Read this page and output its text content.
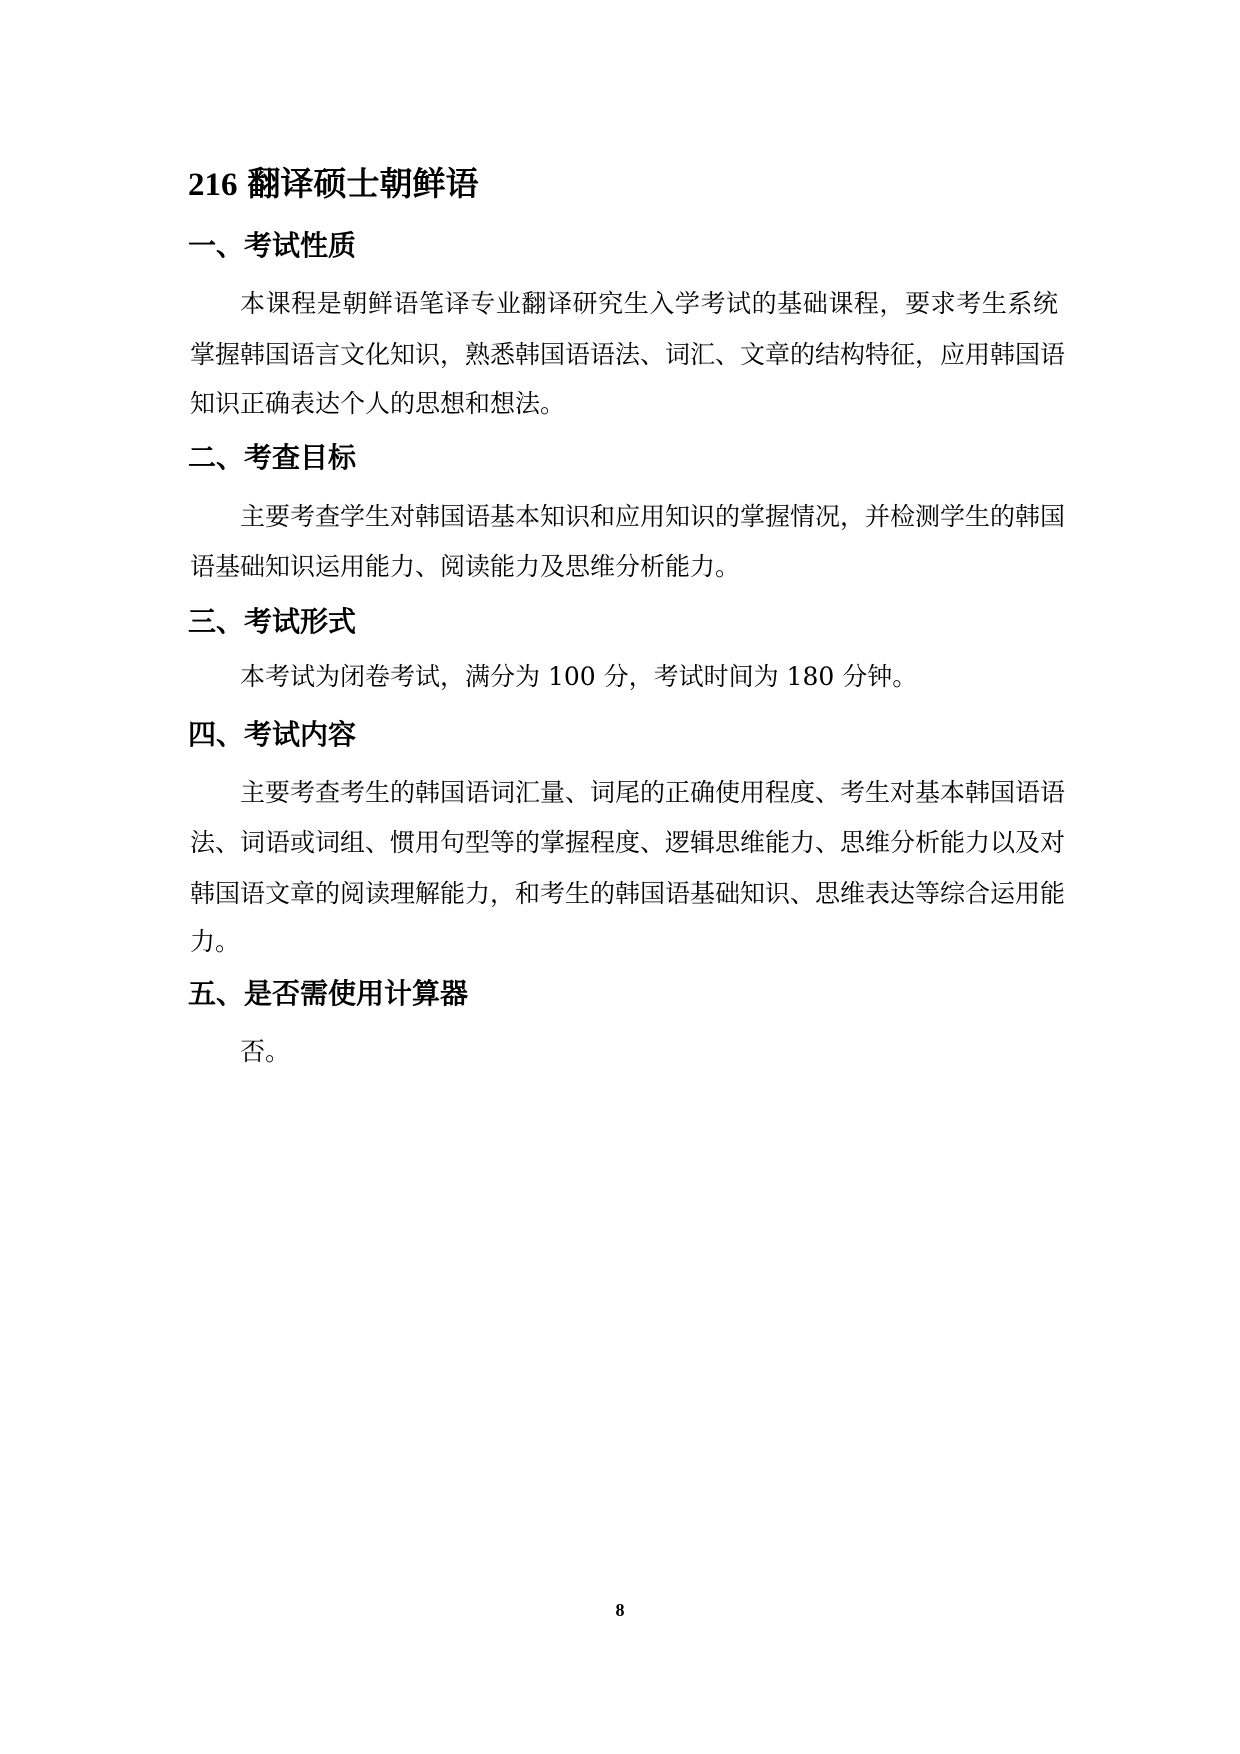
216 翻译硕士朝鲜语
一、考试性质
本课程是朝鲜语笔译专业翻译研究生入学考试的基础课程，要求考生系统
掌握韩国语言文化知识，熟悉韩国语语法、词汇、文章的结构特征，应用韩国语
知识正确表达个人的思想和想法。
二、考查目标
主要考查学生对韩国语基本知识和应用知识的掌握情况，并检测学生的韩国
语基础知识运用能力、阅读能力及思维分析能力。
三、考试形式
本考试为闭卷考试，满分为 100 分，考试时间为 180 分钟。
四、考试内容
主要考查考生的韩国语词汇量、词尾的正确使用程度、考生对基本韩国语语
法、词语或词组、惯用句型等的掌握程度、逻辑思维能力、思维分析能力以及对
韩国语文章的阅读理解能力，和考生的韩国语基础知识、思维表达等综合运用能
力。
五、是否需使用计算器
否。
8
